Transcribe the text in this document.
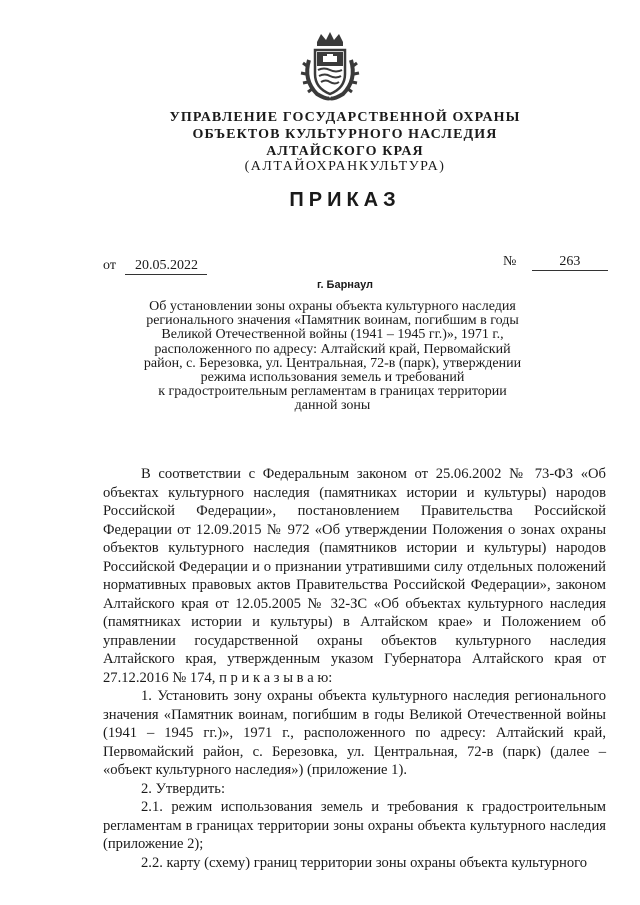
УПРАВЛЕНИЕ ГОСУДАРСТВЕННОЙ ОХРАНЫ
ОБЪЕКТОВ КУЛЬТУРНОГО НАСЛЕДИЯ
АЛТАЙСКОГО КРАЯ
(АЛТАЙОХРАНКУЛЬТУРА)
ПРИКАЗ
от 20.05.2022	№	263
г. Барнаул
Об установлении зоны охраны объекта культурного наследия
регионального значения «Памятник воинам, погибшим в годы
Великой Отечественной войны (1941 – 1945 гг.)», 1971 г.,
расположенного по адресу: Алтайский край, Первомайский
район, с. Березовка, ул. Центральная, 72-в (парк), утверждении
режима использования земель и требований
к градостроительным регламентам в границах территории
данной зоны

В соответствии с Федеральным законом от 25.06.2002 № 73-ФЗ «Об объектах культурного наследия (памятниках истории и культуры) народов Российской Федерации», постановлением Правительства Российской Федерации от 12.09.2015 № 972 «Об утверждении Положения о зонах охраны объектов культурного наследия (памятников истории и культуры) народов Российской Федерации и о признании утратившими силу отдельных положений нормативных правовых актов Правительства Российской Федерации», законом Алтайского края от 12.05.2005 № 32-ЗС «Об объектах культурного наследия (памятниках истории и культуры) в Алтайском крае» и Положением об управлении государственной охраны объектов культурного наследия Алтайского края, утвержденным указом Губернатора Алтайского края от 27.12.2016 № 174, п р и к а з ы в а ю:

1. Установить зону охраны объекта культурного наследия регионального значения «Памятник воинам, погибшим в годы Великой Отечественной войны (1941 – 1945 гг.)», 1971 г., расположенного по адресу: Алтайский край, Первомайский район, с. Березовка, ул. Центральная, 72-в (парк) (далее – «объект культурного наследия») (приложение 1).

2. Утвердить:

2.1. режим использования земель и требования к градостроительным регламентам в границах территории зоны охраны объекта культурного наследия (приложение 2);

2.2. карту (схему) границ территории зоны охраны объекта культурного
